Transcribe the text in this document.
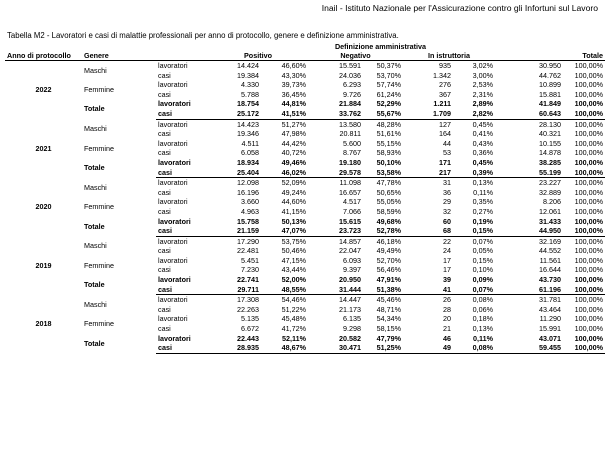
Inail - Istituto Nazionale per l'Assicurazione contro gli Infortuni sul Lavoro
Tabella M2 - Lavoratori e casi di malattie professionali per anno di protocollo, genere e definizione amministrativa.
					Definizione amministrativa					
Anno di protocollo	Genere		Positivo		Negativo		In istruttoria		Totale	
2022	Maschi	lavoratori	14.424	46,60%	15.591	50,37%	935	3,02%	30.950	100,00%
		casi	19.384	43,30%	24.036	53,70%	1.342	3,00%	44.762	100,00%
	Femmine	lavoratori	4.330	39,73%	6.293	57,74%	276	2,53%	10.899	100,00%
		casi	5.788	36,45%	9.726	61,24%	367	2,31%	15.881	100,00%
	Totale	lavoratori	18.754	44,81%	21.884	52,29%	1.211	2,89%	41.849	100,00%
		casi	25.172	41,51%	33.762	55,67%	1.709	2,82%	60.643	100,00%
2021	Maschi	lavoratori	14.423	51,27%	13.580	48,28%	127	0,45%	28.130	100,00%
		casi	19.346	47,98%	20.811	51,61%	164	0,41%	40.321	100,00%
	Femmine	lavoratori	4.511	44,42%	5.600	55,15%	44	0,43%	10.155	100,00%
		casi	6.058	40,72%	8.767	58,93%	53	0,36%	14.878	100,00%
	Totale	lavoratori	18.934	49,46%	19.180	50,10%	171	0,45%	38.285	100,00%
		casi	25.404	46,02%	29.578	53,58%	217	0,39%	55.199	100,00%
2020	Maschi	lavoratori	12.098	52,09%	11.098	47,78%	31	0,13%	23.227	100,00%
		casi	16.196	49,24%	16.657	50,65%	36	0,11%	32.889	100,00%
	Femmine	lavoratori	3.660	44,60%	4.517	55,05%	29	0,35%	8.206	100,00%
		casi	4.963	41,15%	7.066	58,59%	32	0,27%	12.061	100,00%
	Totale	lavoratori	15.758	50,13%	15.615	49,68%	60	0,19%	31.433	100,00%
		casi	21.159	47,07%	23.723	52,78%	68	0,15%	44.950	100,00%
2019	Maschi	lavoratori	17.290	53,75%	14.857	46,18%	22	0,07%	32.169	100,00%
		casi	22.481	50,46%	22.047	49,49%	24	0,05%	44.552	100,00%
	Femmine	lavoratori	5.451	47,15%	6.093	52,70%	17	0,15%	11.561	100,00%
		casi	7.230	43,44%	9.397	56,46%	17	0,10%	16.644	100,00%
	Totale	lavoratori	22.741	52,00%	20.950	47,91%	39	0,09%	43.730	100,00%
		casi	29.711	48,55%	31.444	51,38%	41	0,07%	61.196	100,00%
2018	Maschi	lavoratori	17.308	54,46%	14.447	45,46%	26	0,08%	31.781	100,00%
		casi	22.263	51,22%	21.173	48,71%	28	0,06%	43.464	100,00%
	Femmine	lavoratori	5.135	45,48%	6.135	54,34%	20	0,18%	11.290	100,00%
		casi	6.672	41,72%	9.298	58,15%	21	0,13%	15.991	100,00%
	Totale	lavoratori	22.443	52,11%	20.582	47,79%	46	0,11%	43.071	100,00%
		casi	28.935	48,67%	30.471	51,25%	49	0,08%	59.455	100,00%
